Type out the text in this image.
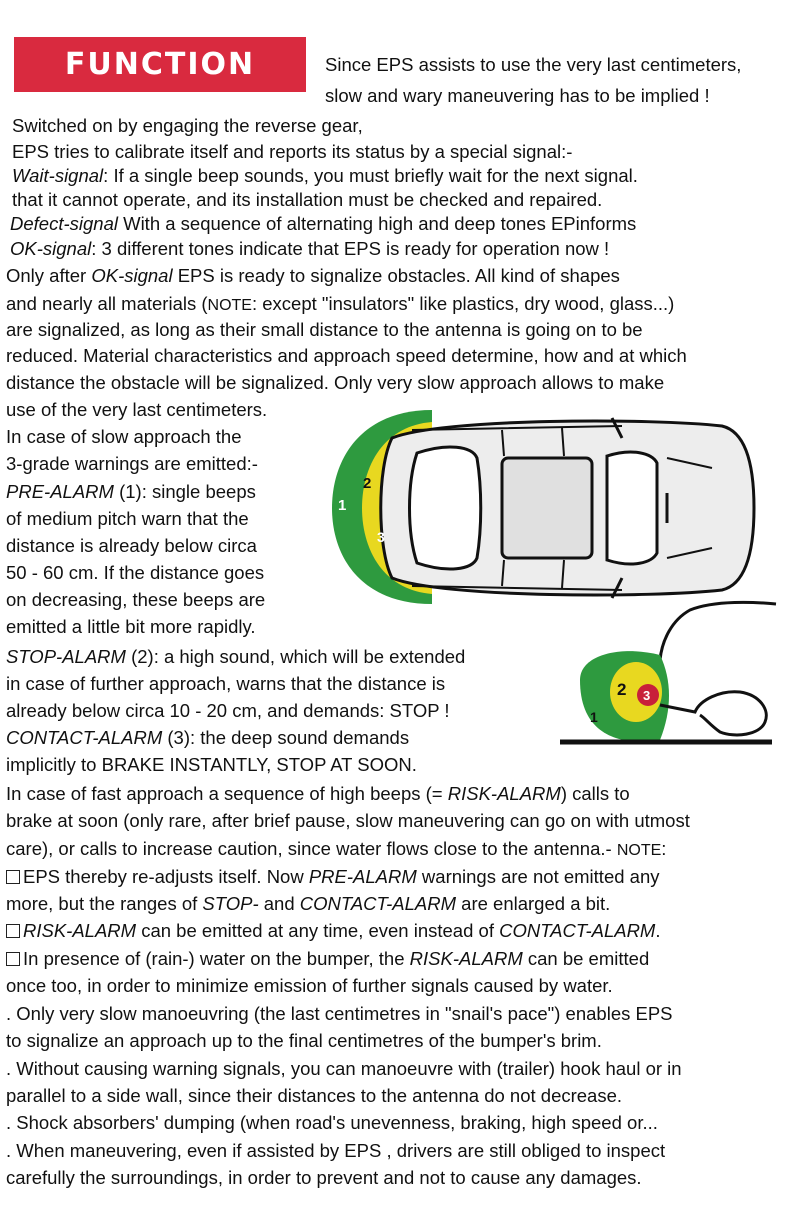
FUNCTION	Since EPS assists to use the very last centimeters,
slow and wary maneuvering has to be implied !
Switched on by engaging the reverse gear,
EPS tries to calibrate itself and reports its status by a special signal:-
Wait-signal: If a single beep sounds, you must briefly wait for the next signal.
that it cannot operate, and its installation must be checked and repaired.
Defect-signal With a sequence of alternating high and deep tones EPinforms
OK-signal: 3 different tones indicate that EPS is ready for operation now !
Only after OK-signal EPS is ready to signalize obstacles. All kind of shapes
and nearly all materials (NOTE: except "insulators" like plastics, dry wood, glass...)
are signalized, as long as their small distance to the antenna is going on to be
reduced. Material characteristics and approach speed determine, how and at which
distance the obstacle will be signalized. Only very slow approach allows to make
use of the very last centimeters.
In case of slow approach the
3-grade warnings are emitted:-
PRE-ALARM (1): single beeps
of medium pitch warn that the
distance is already below circa
50 - 60 cm. If the distance goes
on decreasing, these beeps are
emitted a little bit more rapidly.
STOP-ALARM (2): a high sound, which will be extended
in case of further approach, warns that the distance is
already below circa 10 - 20 cm, and demands: STOP !
CONTACT-ALARM (3): the deep sound demands
implicitly to BRAKE INSTANTLY, STOP AT SOON.
In case of fast approach a sequence of high beeps (= RISK-ALARM) calls to
brake at soon (only rare, after brief pause, slow maneuvering can go on with utmost
care), or calls to increase caution, since water flows close to the antenna.- NOTE:
EPS thereby re-adjusts itself. Now PRE-ALARM warnings are not emitted any
more, but the ranges of STOP- and CONTACT-ALARM are enlarged a bit.
RISK-ALARM can be emitted at any time, even instead of CONTACT-ALARM.
In presence of (rain-) water on the bumper, the RISK-ALARM can be emitted
once too, in order to minimize emission of further signals caused by water.
. Only very slow manoeuvring (the last centimetres in "snail's pace") enables EPS
to signalize an approach up to the final centimetres of the bumper's brim.
. Without causing warning signals, you can manoeuvre with (trailer) hook haul or in
parallel to a side wall, since their distances to the antenna do not decrease.
. Shock absorbers' dumping (when road's unevenness, braking, high speed or...
. When maneuvering, even if assisted by EPS , drivers are still obliged to inspect
carefully the surroundings, in order to prevent and not to cause any damages.
1
2
3
1
2 3
